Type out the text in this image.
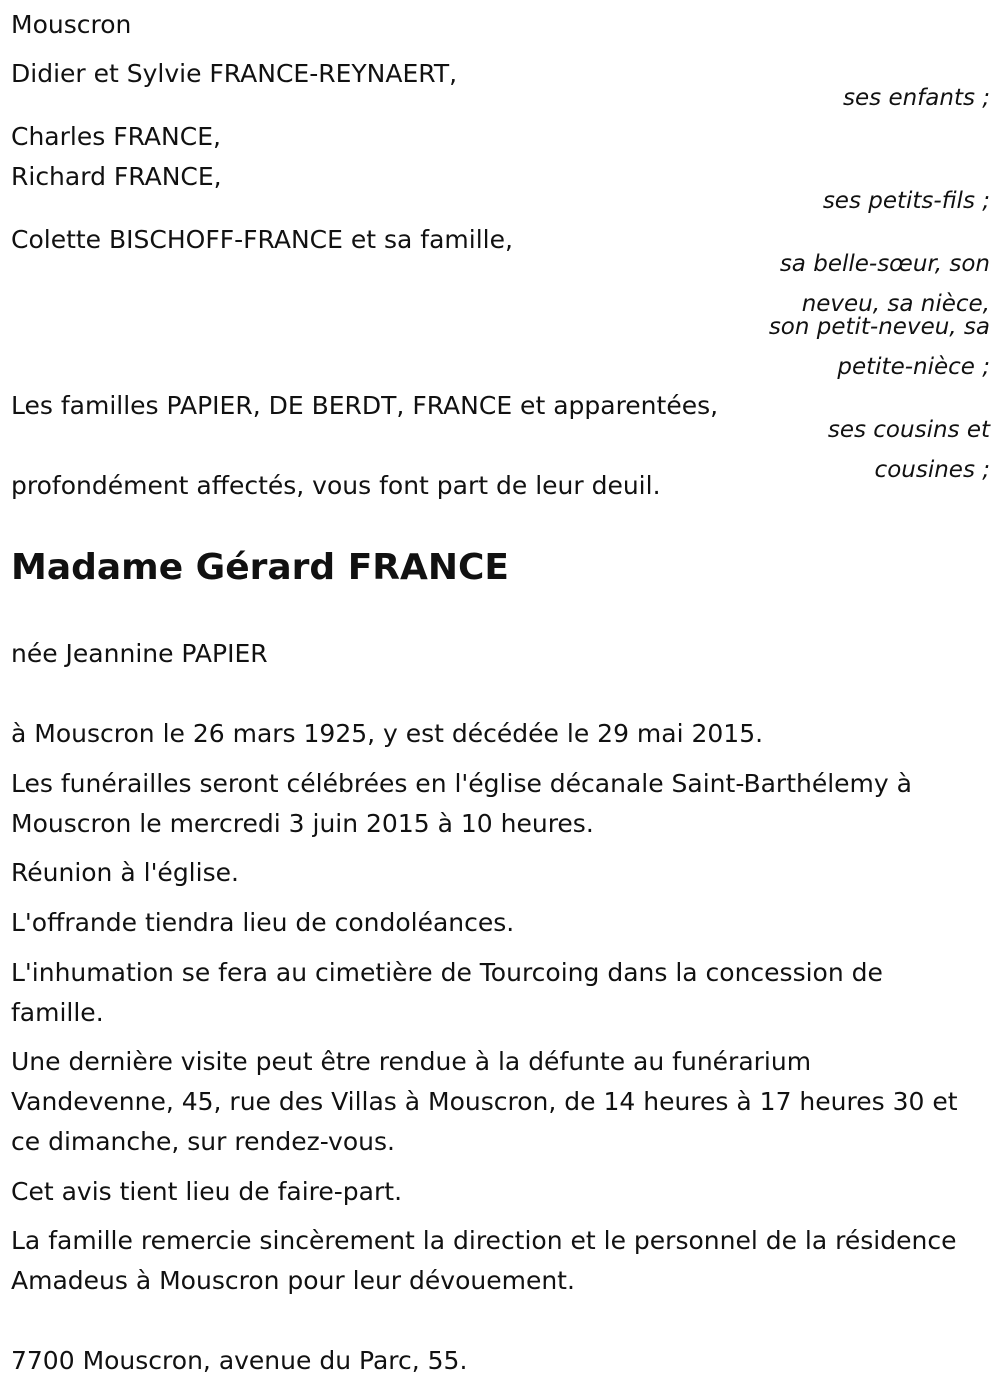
Mouscron

Didier et Sylvie FRANCE-REYNAERT,

ses enfants ;

Charles FRANCE,

Richard FRANCE,

ses petits-fils ;

Colette BISCHOFF-FRANCE et sa famille,

sa belle-sœur, son

neveu, sa nièce,

son petit-neveu, sa

petite-nièce ;

Les familles PAPIER, DE BERDT, FRANCE et apparentées,

ses cousins et

cousines ;

profondément affectés, vous font part de leur deuil.

Madame Gérard FRANCE

née Jeannine PAPIER

à Mouscron le 26 mars 1925, y est décédée le 29 mai 2015.

Les funérailles seront célébrées en l'église décanale Saint-Barthélemy à Mouscron le mercredi 3 juin 2015 à 10 heures.

Réunion à l'église.

L'offrande tiendra lieu de condoléances.

L'inhumation se fera au cimetière de Tourcoing dans la concession de famille.

Une dernière visite peut être rendue à la défunte au funérarium Vandevenne, 45, rue des Villas à Mouscron, de 14 heures à 17 heures 30 et ce dimanche, sur rendez-vous.

Cet avis tient lieu de faire-part.

La famille remercie sincèrement la direction et le personnel de la résidence Amadeus à Mouscron pour leur dévouement.

7700 Mouscron, avenue du Parc, 55.
